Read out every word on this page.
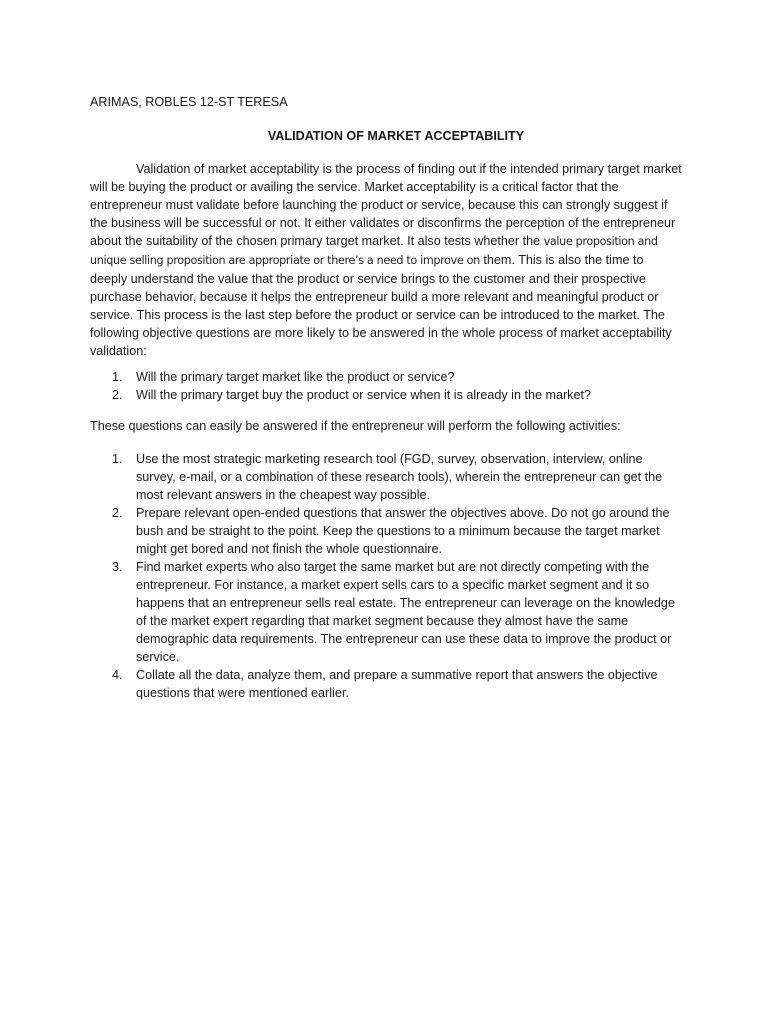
ARIMAS, ROBLES 12-ST TERESA

VALIDATION OF MARKET ACCEPTABILITY

Validation of market acceptability is the process of finding out if the intended primary target market will be buying the product or availing the service. Market acceptability is a critical factor that the entrepreneur must validate before launching the product or service, because this can strongly suggest if the business will be successful or not. It either validates or disconfirms the perception of the entrepreneur about the suitability of the chosen primary target market. It also tests whether the value proposition and unique selling proposition are appropriate or there’s a need to improve on them. This is also the time to deeply understand the value that the product or service brings to the customer and their prospective purchase behavior, because it helps the entrepreneur build a more relevant and meaningful product or service. This process is the last step before the product or service can be introduced to the market. The following objective questions are more likely to be answered in the whole process of market acceptability validation:

1. Will the primary target market like the product or service?
2. Will the primary target buy the product or service when it is already in the market?

These questions can easily be answered if the entrepreneur will perform the following activities:

1. Use the most strategic marketing research tool (FGD, survey, observation, interview, online survey, e-mail, or a combination of these research tools), wherein the entrepreneur can get the most relevant answers in the cheapest way possible.
2. Prepare relevant open-ended questions that answer the objectives above. Do not go around the bush and be straight to the point. Keep the questions to a minimum because the target market might get bored and not finish the whole questionnaire.
3. Find market experts who also target the same market but are not directly competing with the entrepreneur. For instance, a market expert sells cars to a specific market segment and it so happens that an entrepreneur sells real estate. The entrepreneur can leverage on the knowledge of the market expert regarding that market segment because they almost have the same demographic data requirements. The entrepreneur can use these data to improve the product or service.
4. Collate all the data, analyze them, and prepare a summative report that answers the objective questions that were mentioned earlier.
